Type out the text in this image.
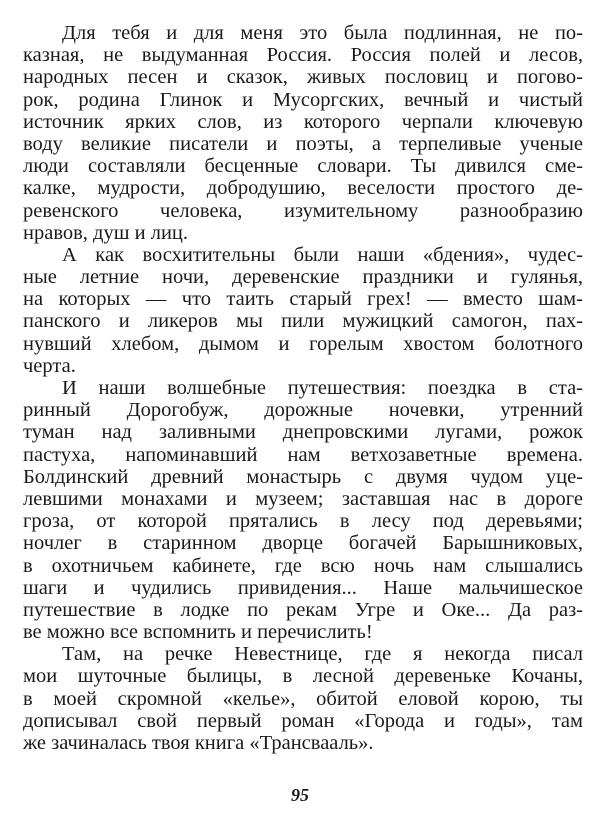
Для тебя и для меня это была подлинная, не по-
казная, не выдуманная Россия. Россия полей и лесов,
народных песен и сказок, живых пословиц и погово-
рок, родина Глинок и Мусоргских, вечный и чистый
источник ярких слов, из которого черпали ключевую
воду великие писатели и поэты, а терпеливые ученые
люди составляли бесценные словари. Ты дивился сме-
калке, мудрости, добродушию, веселости простого де-
ревенского человека, изумительному разнообразию
нравов, душ и лиц.
А как восхитительны были наши «бдения», чудес-
ные летние ночи, деревенские праздники и гулянья,
на которых — что таить старый грех! — вместо шам-
панского и ликеров мы пили мужицкий самогон, пах-
нувший хлебом, дымом и горелым хвостом болотного
черта.
И наши волшебные путешествия: поездка в ста-
ринный Дорогобуж, дорожные ночевки, утренний
туман над заливными днепровскими лугами, рожок
пастуха, напоминавший нам ветхозаветные времена.
Болдинский древний монастырь с двумя чудом уце-
левшими монахами и музеем; заставшая нас в дороге
гроза, от которой прятались в лесу под деревьями;
ночлег в старинном дворце богачей Барышниковых,
в охотничьем кабинете, где всю ночь нам слышались
шаги и чудились привидения... Наше мальчишеское
путешествие в лодке по рекам Угре и Оке... Да раз-
ве можно все вспомнить и перечислить!
Там, на речке Невестнице, где я некогда писал
мои шуточные былицы, в лесной деревеньке Кочаны,
в моей скромной «келье», обитой еловой корою, ты
дописывал свой первый роман «Города и годы», там
же зачиналась твоя книга «Трансвааль».
95
